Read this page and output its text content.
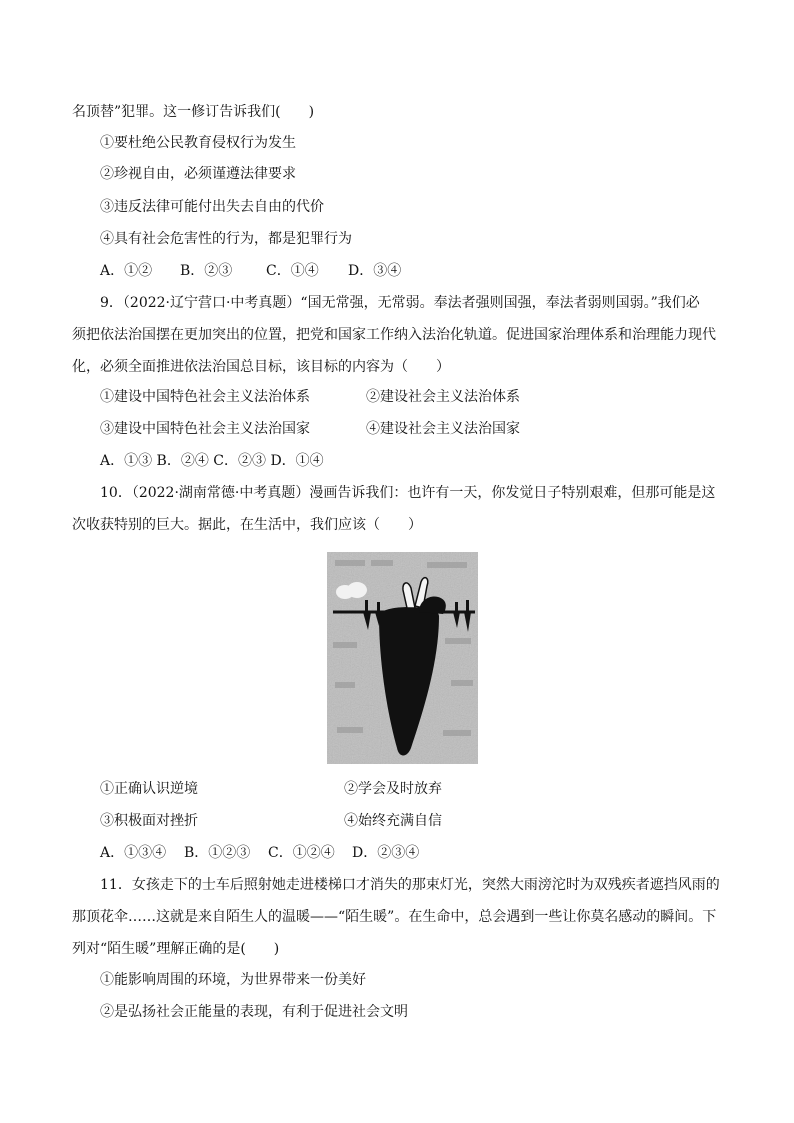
名顶替”犯罪。这一修订告诉我们(　　)
①要杜绝公民教育侵权行为发生
②珍视自由，必须谨遵法律要求
③违反法律可能付出失去自由的代价
④具有社会危害性的行为，都是犯罪行为
A．①② B．②③ C．①④ D．③④
9．（2022·辽宁营口·中考真题）“国无常强，无常弱。奉法者强则国强，奉法者弱则国弱。”我们必
须把依法治国摆在更加突出的位置，把党和国家工作纳入法治化轨道。促进国家治理体系和治理能力现代
化，必须全面推进依法治国总目标，该目标的内容为（　　）
①建设中国特色社会主义法治体系	②建设社会主义法治体系
③建设中国特色社会主义法治国家	④建设社会主义法治国家
A．①③ B．②④ C．②③ D．①④
10．（2022·湖南常德·中考真题）漫画告诉我们：也许有一天，你发觉日子特别艰难，但那可能是这
次收获特别的巨大。据此，在生活中，我们应该（　　）
①正确认识逆境	②学会及时放弃
③积极面对挫折	④始终充满自信
A．①③④ B．①②③ C．①②④ D．②③④
11．女孩走下的士车后照射她走进楼梯口才消失的那束灯光，突然大雨滂沱时为双残疾者遮挡风雨的
那顶花伞……这就是来自陌生人的温暖——“陌生暖”。在生命中，总会遇到一些让你莫名感动的瞬间。下
列对“陌生暖”理解正确的是(　　)
①能影响周围的环境，为世界带来一份美好
②是弘扬社会正能量的表现，有利于促进社会文明
